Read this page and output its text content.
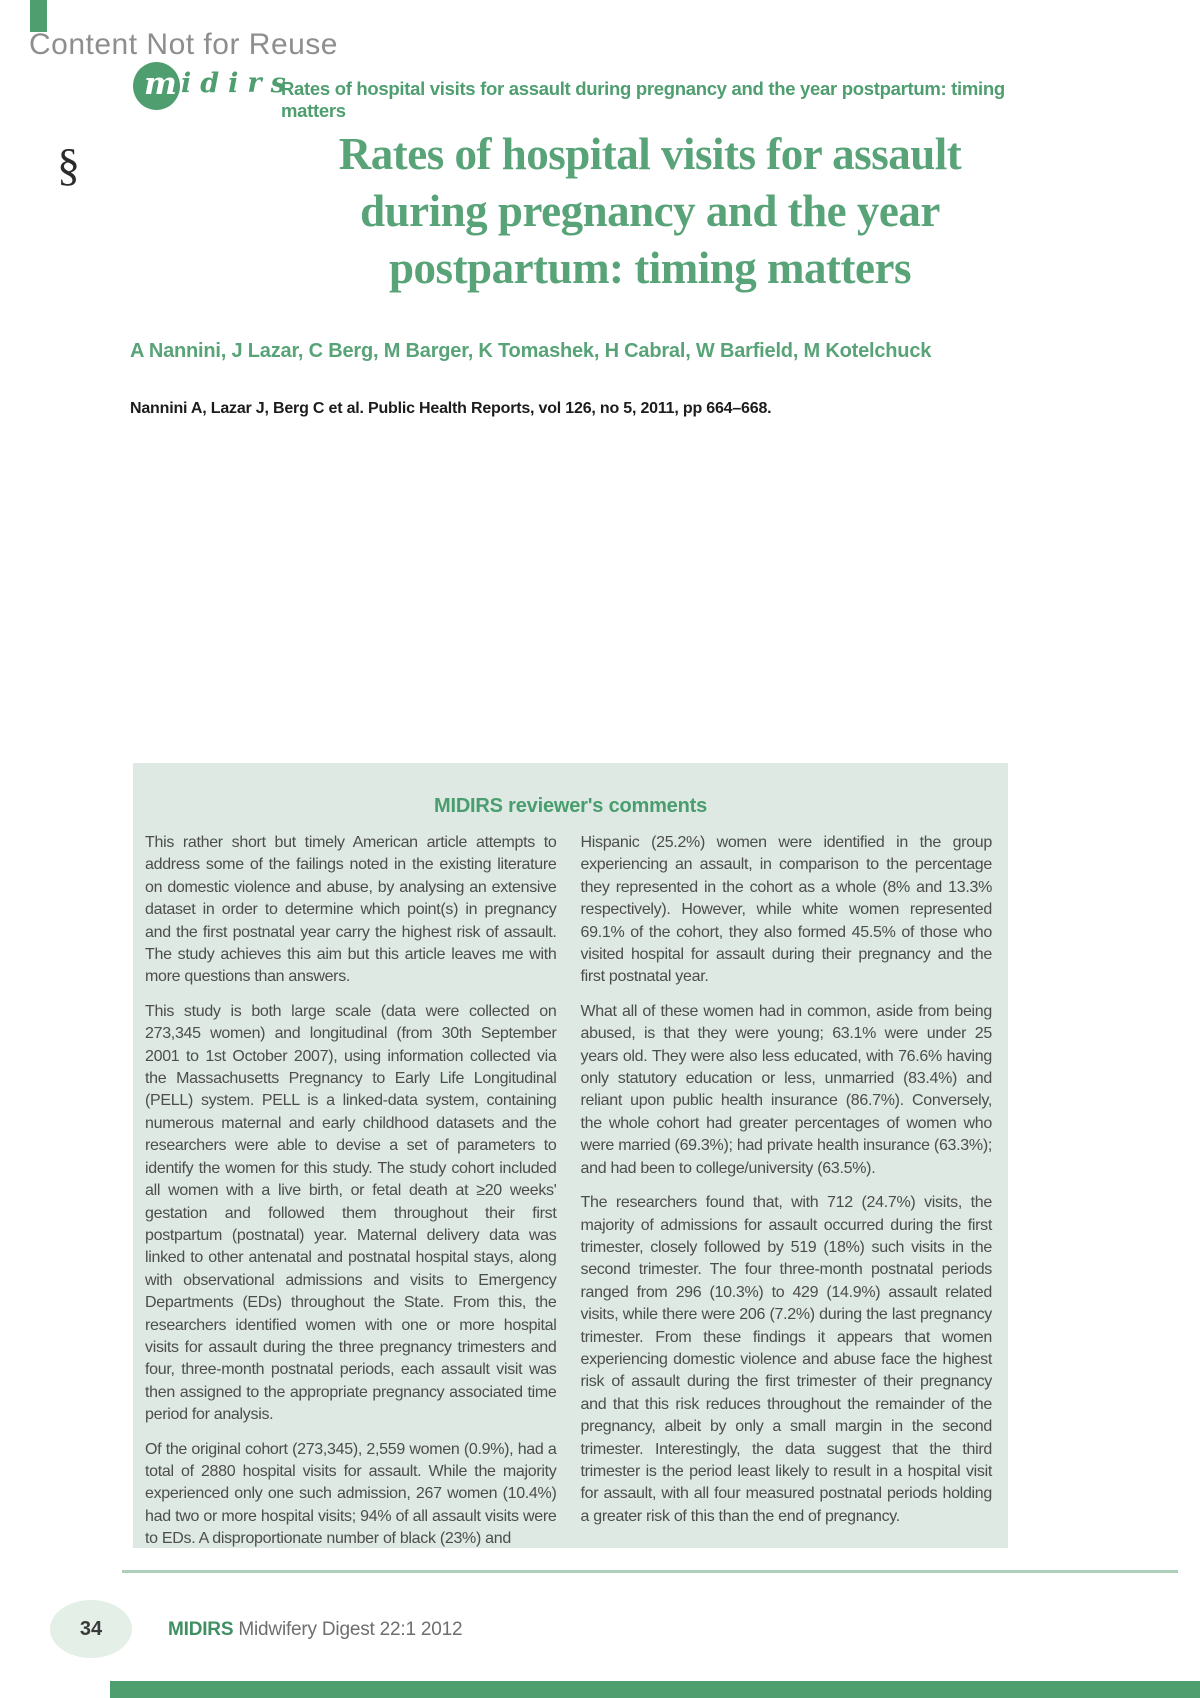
Content Not for Reuse
m idirs
Rates of hospital visits for assault during pregnancy and the year postpartum: timing matters
§	Rates of hospital visits for assault
during pregnancy and the year
postpartum: timing matters
A Nannini, J Lazar, C Berg, M Barger, K Tomashek, H Cabral, W Barfield, M Kotelchuck
Nannini A, Lazar J, Berg C et al. Public Health Reports, vol 126, no 5, 2011, pp 664–668.
MIDIRS reviewer's comments

This rather short but timely American article attempts to address some of the failings noted in the existing literature on domestic violence and abuse, by analysing an extensive dataset in order to determine which point(s) in pregnancy and the first postnatal year carry the highest risk of assault. The study achieves this aim but this article leaves me with more questions than answers.

This study is both large scale (data were collected on 273,345 women) and longitudinal (from 30th September 2001 to 1st October 2007), using information collected via the Massachusetts Pregnancy to Early Life Longitudinal (PELL) system. PELL is a linked-data system, containing numerous maternal and early childhood datasets and the researchers were able to devise a set of parameters to identify the women for this study. The study cohort included all women with a live birth, or fetal death at ≥20 weeks' gestation and followed them throughout their first postpartum (postnatal) year. Maternal delivery data was linked to other antenatal and postnatal hospital stays, along with observational admissions and visits to Emergency Departments (EDs) throughout the State. From this, the researchers identified women with one or more hospital visits for assault during the three pregnancy trimesters and four, three-month postnatal periods, each assault visit was then assigned to the appropriate pregnancy associated time period for analysis.

Of the original cohort (273,345), 2,559 women (0.9%), had a total of 2880 hospital visits for assault. While the majority experienced only one such admission, 267 women (10.4%) had two or more hospital visits; 94% of all assault visits were to EDs. A disproportionate number of black (23%) and

Hispanic (25.2%) women were identified in the group experiencing an assault, in comparison to the percentage they represented in the cohort as a whole (8% and 13.3% respectively). However, while white women represented 69.1% of the cohort, they also formed 45.5% of those who visited hospital for assault during their pregnancy and the first postnatal year.

What all of these women had in common, aside from being abused, is that they were young; 63.1% were under 25 years old. They were also less educated, with 76.6% having only statutory education or less, unmarried (83.4%) and reliant upon public health insurance (86.7%). Conversely, the whole cohort had greater percentages of women who were married (69.3%); had private health insurance (63.3%); and had been to college/university (63.5%).

The researchers found that, with 712 (24.7%) visits, the majority of admissions for assault occurred during the first trimester, closely followed by 519 (18%) such visits in the second trimester. The four three-month postnatal periods ranged from 296 (10.3%) to 429 (14.9%) assault related visits, while there were 206 (7.2%) during the last pregnancy trimester. From these findings it appears that women experiencing domestic violence and abuse face the highest risk of assault during the first trimester of their pregnancy and that this risk reduces throughout the remainder of the pregnancy, albeit by only a small margin in the second trimester. Interestingly, the data suggest that the third trimester is the period least likely to result in a hospital visit for assault, with all four measured postnatal periods holding a greater risk of this than the end of pregnancy.

34	MIDIRS Midwifery Digest 22:1 2012
